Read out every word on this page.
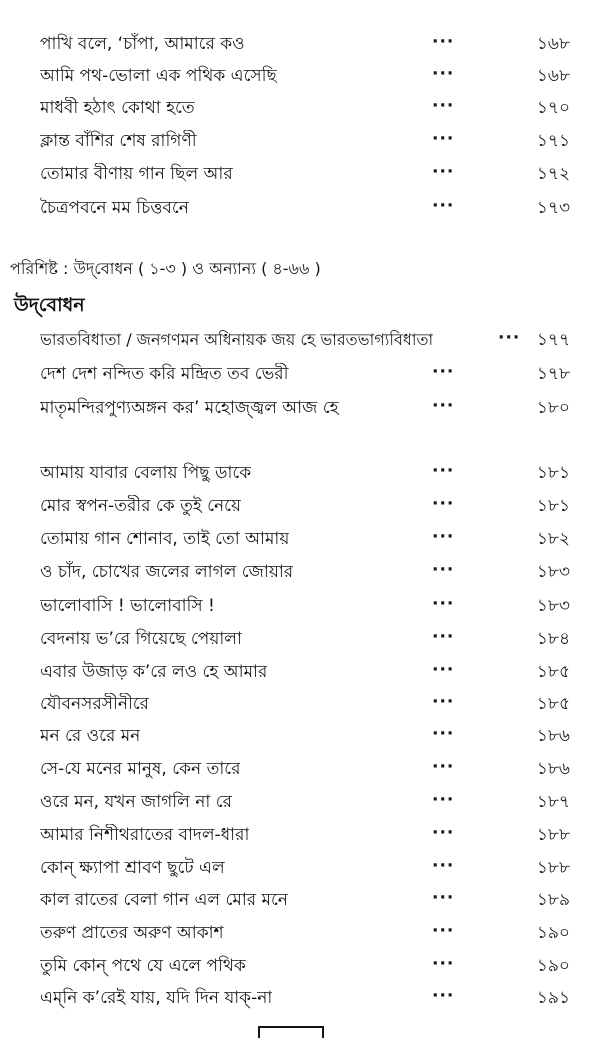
পাখি বলে, ‘চাঁপা, আমারে কও	···	১৬৮
আমি পথ-ভোলা এক পথিক এসেছি	···	১৬৮
মাধবী হঠাৎ কোথা হতে	···	১৭০
ক্লান্ত বাঁশির শেষ রাগিণী	···	১৭১
তোমার বীণায় গান ছিল আর	···	১৭২
চৈত্রপবনে মম চিত্তবনে	···	১৭৩
পরিশিষ্ট : উদ্‌বোধন ( ১-৩ ) ও অন্যান্য ( ৪-৬৬ )
উদ্‌বোধন
ভারতবিধাতা / জনগণমন অধিনায়ক জয় হে ভারতভাগ্যবিধাতা	··· ১৭৭
দেশ দেশ নন্দিত করি মন্দ্রিত তব ভেরী	···	১৭৮
মাতৃমন্দিরপুণ্যঅঙ্গন কর’ মহোজ্জ্বল আজ হে	···	১৮০
আমায় যাবার বেলায় পিছু ডাকে	···	১৮১
মোর স্বপন-তরীর কে তুই নেয়ে	···	১৮১
তোমায় গান শোনাব, তাই তো আমায়	···	১৮২
ও চাঁদ, চোখের জলের লাগল জোয়ার	···	১৮৩
ভালোবাসি ! ভালোবাসি !	···	১৮৩
বেদনায় ভ’রে গিয়েছে পেয়ালা	···	১৮৪
এবার উজাড় ক’রে লও হে আমার	···	১৮৫
যৌবনসরসীনীরে	···	১৮৫
মন রে ওরে মন	···	১৮৬
সে-যে মনের মানুষ, কেন তারে	···	১৮৬
ওরে মন, যখন জাগলি না রে	···	১৮৭
আমার নিশীথরাতের বাদল-ধারা	···	১৮৮
কোন্ ক্ষ্যাপা শ্রাবণ ছুটে এল	···	১৮৮
কাল রাতের বেলা গান এল মোর মনে	···	১৮৯
তরুণ প্রাতের অরুণ আকাশ	···	১৯০
তুমি কোন্ পথে যে এলে পথিক	···	১৯০
এম্‌নি ক’রেই যায়, যদি দিন যাক্‌-না	···	১৯১
